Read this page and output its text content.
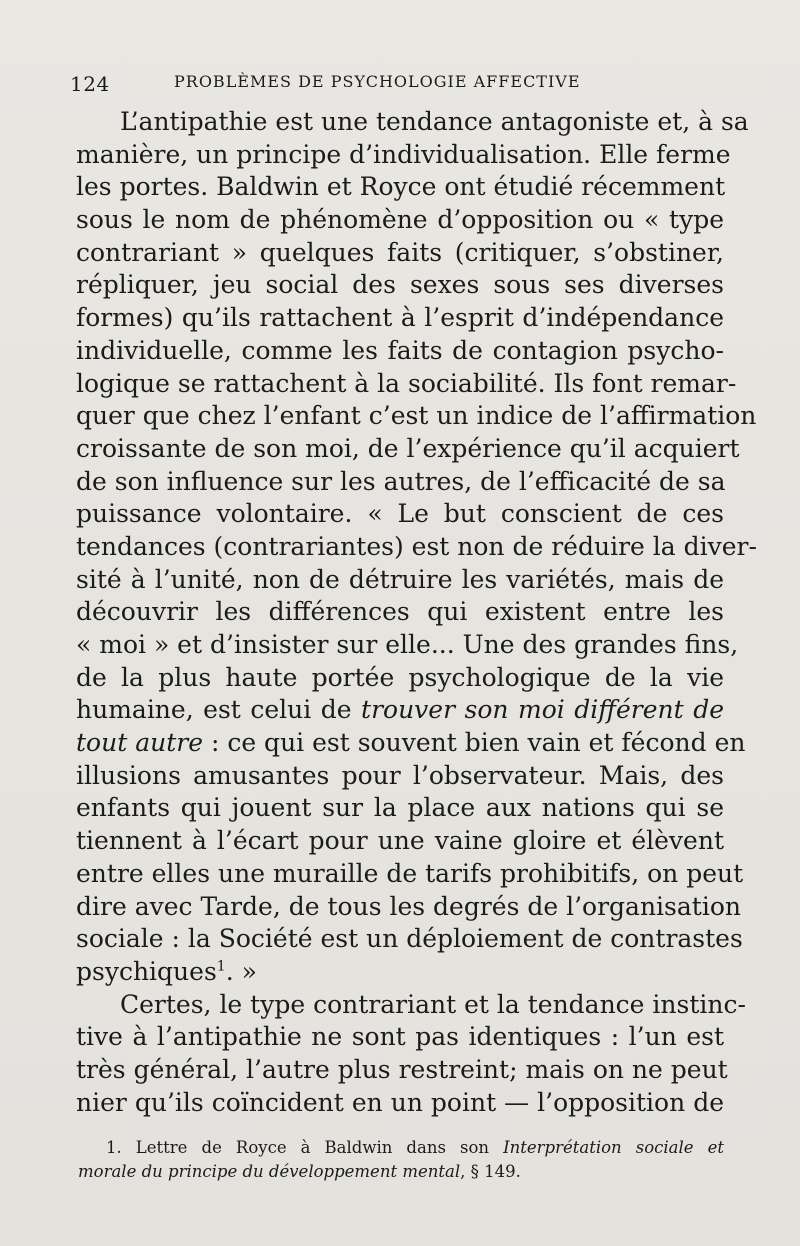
124	PROBLÈMES DE PSYCHOLOGIE AFFECTIVE
L’antipathie est une tendance antagoniste et, à sa
manière, un principe d’individualisation. Elle ferme
les portes. Baldwin et Royce ont étudié récemment
sous le nom de phénomène d’opposition ou « type
contrariant » quelques faits (critiquer, s’obstiner,
répliquer, jeu social des sexes sous ses diverses
formes) qu’ils rattachent à l’esprit d’indépendance
individuelle, comme les faits de contagion psycho-
logique se rattachent à la sociabilité. Ils font remar-
quer que chez l’enfant c’est un indice de l’affirmation
croissante de son moi, de l’expérience qu’il acquiert
de son influence sur les autres, de l’efficacité de sa
puissance volontaire. « Le but conscient de ces
tendances (contrariantes) est non de réduire la diver-
sité à l’unité, non de détruire les variétés, mais de
découvrir les différences qui existent entre les
« moi » et d’insister sur elle... Une des grandes fins,
de la plus haute portée psychologique de la vie
humaine, est celui de trouver son moi différent de
tout autre : ce qui est souvent bien vain et fécond en
illusions amusantes pour l’observateur. Mais, des
enfants qui jouent sur la place aux nations qui se
tiennent à l’écart pour une vaine gloire et élèvent
entre elles une muraille de tarifs prohibitifs, on peut
dire avec Tarde, de tous les degrés de l’organisation
sociale : la Société est un déploiement de contrastes
psychiques$^1$. »
Certes, le type contrariant et la tendance instinc-
tive à l’antipathie ne sont pas identiques : l’un est
très général, l’autre plus restreint; mais on ne peut
nier qu’ils coïncident en un point — l’opposition de
1. Lettre de Royce à Baldwin dans son Interprétation sociale et
morale du principe du développement mental, § 149.
